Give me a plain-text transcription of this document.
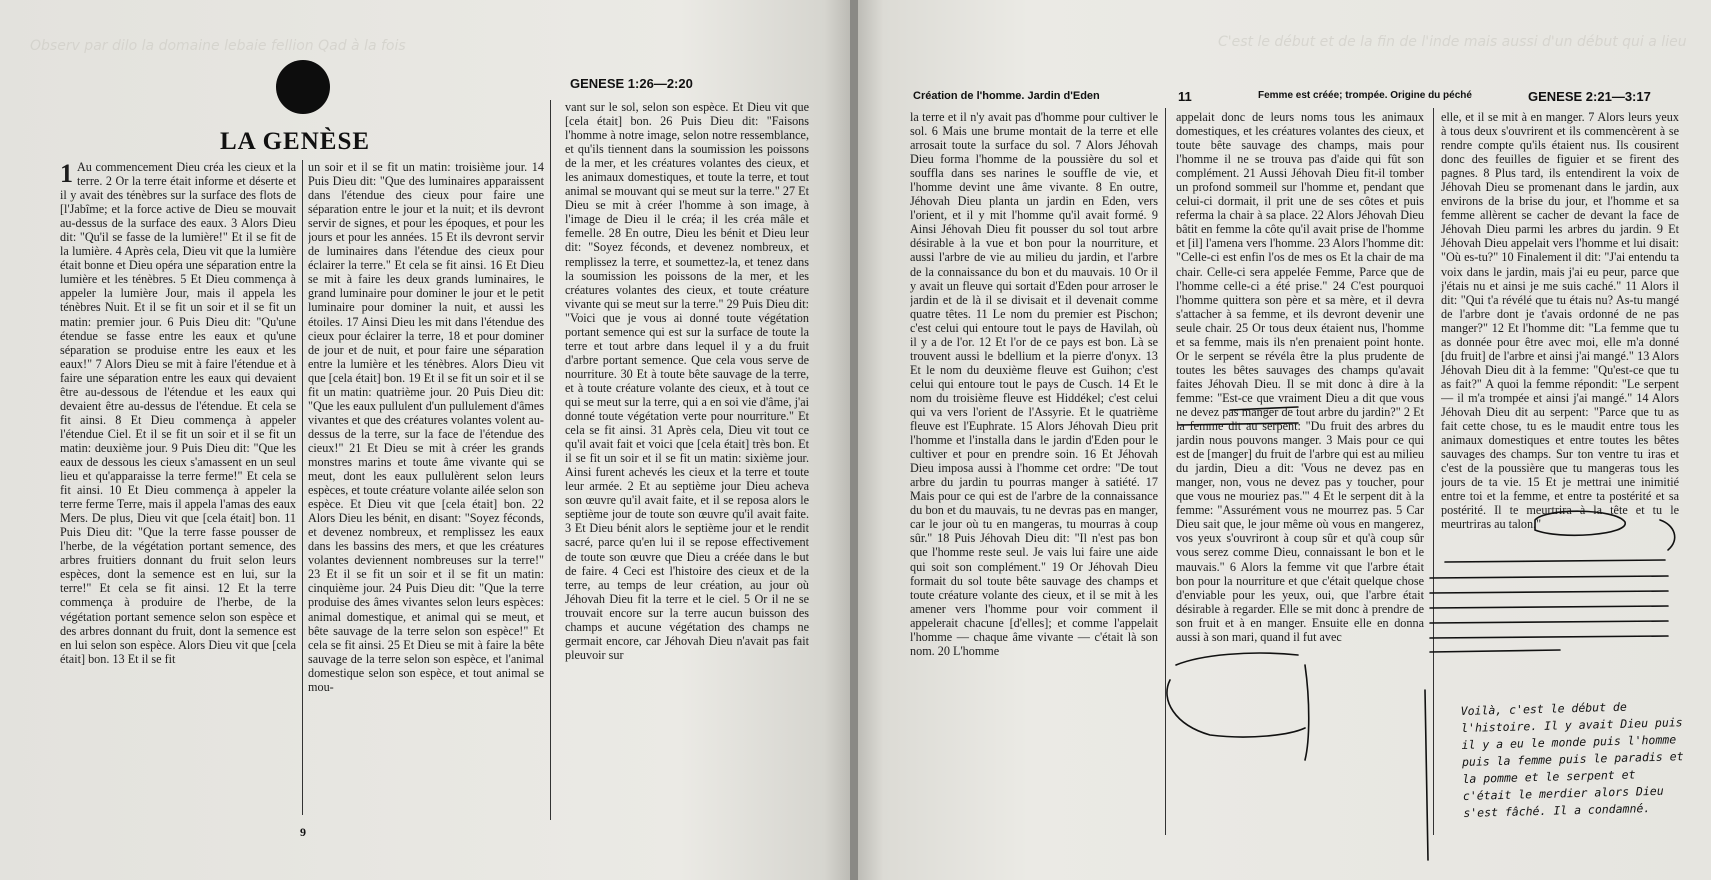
Observ par dilo la domaine lebaie fellion Qad à la fois
LA GENÈSE
GENESE 1:26—2:20
1 Au commencement Dieu créa les cieux et la terre. 2 Or la terre était informe et déserte et il y avait des ténèbres sur la surface des flots de [l'Jabîme; et la force active de Dieu se mouvait au-dessus de la surface des eaux. 3 Alors Dieu dit: "Qu'il se fasse de la lumière!" Et il se fit de la lumière. 4 Après cela, Dieu vit que la lumière était bonne et Dieu opéra une séparation entre la lumière et les ténèbres. 5 Et Dieu commença à appeler la lumière Jour, mais il appela les ténèbres Nuit. Et il se fit un soir et il se fit un matin: premier jour. 6 Puis Dieu dit: "Qu'une étendue se fasse entre les eaux et qu'une séparation se produise entre les eaux et les eaux!" 7 Alors Dieu se mit à faire l'étendue et à faire une séparation entre les eaux qui devaient être au-dessous de l'étendue et les eaux qui devaient être au-dessus de l'étendue. Et cela se fit ainsi. 8 Et Dieu commença à appeler l'étendue Ciel. Et il se fit un soir et il se fit un matin: deuxième jour. 9 Puis Dieu dit: "Que les eaux de dessous les cieux s'amassent en un seul lieu et qu'apparaisse la terre ferme!" Et cela se fit ainsi. 10 Et Dieu commença à appeler la terre ferme Terre, mais il appela l'amas des eaux Mers. De plus, Dieu vit que [cela était] bon. 11 Puis Dieu dit: "Que la terre fasse pousser de l'herbe, de la végétation portant semence, des arbres fruitiers donnant du fruit selon leurs espèces, dont la semence est en lui, sur la terre!" Et cela se fit ainsi. 12 Et la terre commença à produire de l'herbe, de la végétation portant semence selon son espèce et des arbres donnant du fruit, dont la semence est en lui selon son espèce. Alors Dieu vit que [cela était] bon. 13 Et il se fit

un soir et il se fit un matin: troisième jour. 14 Puis Dieu dit: "Que des luminaires apparaissent dans l'étendue des cieux pour faire une séparation entre le jour et la nuit; et ils devront servir de signes, et pour les époques, et pour les jours et pour les années. 15 Et ils devront servir de luminaires dans l'étendue des cieux pour éclairer la terre." Et cela se fit ainsi. 16 Et Dieu se mit à faire les deux grands luminaires, le grand luminaire pour dominer le jour et le petit luminaire pour dominer la nuit, et aussi les étoiles. 17 Ainsi Dieu les mit dans l'étendue des cieux pour éclairer la terre, 18 et pour dominer de jour et de nuit, et pour faire une séparation entre la lumière et les ténèbres. Alors Dieu vit que [cela était] bon. 19 Et il se fit un soir et il se fit un matin: quatrième jour. 20 Puis Dieu dit: "Que les eaux pullulent d'un pullulement d'âmes vivantes et que des créatures volantes volent au-dessus de la terre, sur la face de l'étendue des cieux!" 21 Et Dieu se mit à créer les grands monstres marins et toute âme vivante qui se meut, dont les eaux pullulèrent selon leurs espèces, et toute créature volante ailée selon son espèce. Et Dieu vit que [cela était] bon. 22 Alors Dieu les bénit, en disant: "Soyez féconds, et devenez nombreux, et remplissez les eaux dans les bassins des mers, et que les créatures volantes deviennent nombreuses sur la terre!" 23 Et il se fit un soir et il se fit un matin: cinquième jour. 24 Puis Dieu dit: "Que la terre produise des âmes vivantes selon leurs espèces: animal domestique, et animal qui se meut, et bête sauvage de la terre selon son espèce!" Et cela se fit ainsi. 25 Et Dieu se mit à faire la bête sauvage de la terre selon son espèce, et l'animal domestique selon son espèce, et tout animal se mou-

vant sur le sol, selon son espèce. Et Dieu vit que [cela était] bon. 26 Puis Dieu dit: "Faisons l'homme à notre image, selon notre ressemblance, et qu'ils tiennent dans la soumission les poissons de la mer, et les créatures volantes des cieux, et les animaux domestiques, et toute la terre, et tout animal se mouvant qui se meut sur la terre." 27 Et Dieu se mit à créer l'homme à son image, à l'image de Dieu il le créa; il les créa mâle et femelle. 28 En outre, Dieu les bénit et Dieu leur dit: "Soyez féconds, et devenez nombreux, et remplissez la terre, et soumettez-la, et tenez dans la soumission les poissons de la mer, et les créatures volantes des cieux, et toute créature vivante qui se meut sur la terre." 29 Puis Dieu dit: "Voici que je vous ai donné toute végétation portant semence qui est sur la surface de toute la terre et tout arbre dans lequel il y a du fruit d'arbre portant semence. Que cela vous serve de nourriture. 30 Et à toute bête sauvage de la terre, et à toute créature volante des cieux, et à tout ce qui se meut sur la terre, qui a en soi vie d'âme, j'ai donné toute végétation verte pour nourriture." Et cela se fit ainsi. 31 Après cela, Dieu vit tout ce qu'il avait fait et voici que [cela était] très bon. Et il se fit un soir et il se fit un matin: sixième jour. Ainsi furent achevés les cieux et la terre et toute leur armée. 2 Et au septième jour Dieu acheva son œuvre qu'il avait faite, et il se reposa alors le septième jour de toute son œuvre qu'il avait faite. 3 Et Dieu bénit alors le septième jour et le rendit sacré, parce qu'en lui il se repose effectivement de toute son œuvre que Dieu a créée dans le but de faire. 4 Ceci est l'histoire des cieux et de la terre, au temps de leur création, au jour où Jéhovah Dieu fit la terre et le ciel. 5 Or il ne se trouvait encore sur la terre aucun buisson des champs et aucune végétation des champs ne germait encore, car Jéhovah Dieu n'avait pas fait pleuvoir sur

9
C'est le début et de la fin de l'inde mais aussi d'un début qui a lieu
Création de l'homme. Jardin d'Eden	11	Femme est créée; trompée. Origine du péché	GENESE 2:21—3:17

la terre et il n'y avait pas d'homme pour cultiver le sol. 6 Mais une brume montait de la terre et elle arrosait toute la surface du sol. 7 Alors Jéhovah Dieu forma l'homme de la poussière du sol et souffla dans ses narines le souffle de vie, et l'homme devint une âme vivante. 8 En outre, Jéhovah Dieu planta un jardin en Eden, vers l'orient, et il y mit l'homme qu'il avait formé. 9 Ainsi Jéhovah Dieu fit pousser du sol tout arbre désirable à la vue et bon pour la nourriture, et aussi l'arbre de vie au milieu du jardin, et l'arbre de la connaissance du bon et du mauvais. 10 Or il y avait un fleuve qui sortait d'Eden pour arroser le jardin et de là il se divisait et il devenait comme quatre têtes. 11 Le nom du premier est Pischon; c'est celui qui entoure tout le pays de Havilah, où il y a de l'or. 12 Et l'or de ce pays est bon. Là se trouvent aussi le bdellium et la pierre d'onyx. 13 Et le nom du deuxième fleuve est Guihon; c'est celui qui entoure tout le pays de Cusch. 14 Et le nom du troisième fleuve est Hiddékel; c'est celui qui va vers l'orient de l'Assyrie. Et le quatrième fleuve est l'Euphrate. 15 Alors Jéhovah Dieu prit l'homme et l'installa dans le jardin d'Eden pour le cultiver et pour en prendre soin. 16 Et Jéhovah Dieu imposa aussi à l'homme cet ordre: "De tout arbre du jardin tu pourras manger à satiété. 17 Mais pour ce qui est de l'arbre de la connaissance du bon et du mauvais, tu ne devras pas en manger, car le jour où tu en mangeras, tu mourras à coup sûr." 18 Puis Jéhovah Dieu dit: "Il n'est pas bon que l'homme reste seul. Je vais lui faire une aide qui soit son complément." 19 Or Jéhovah Dieu formait du sol toute bête sauvage des champs et toute créature volante des cieux, et il se mit à les amener vers l'homme pour voir comment il appelerait chacune [d'elles]; et comme l'appelait l'homme — chaque âme vivante — c'était là son nom. 20 L'homme

appelait donc de leurs noms tous les animaux domestiques, et les créatures volantes des cieux, et toute bête sauvage des champs, mais pour l'homme il ne se trouva pas d'aide qui fût son complément. 21 Aussi Jéhovah Dieu fit-il tomber un profond sommeil sur l'homme et, pendant que celui-ci dormait, il prit une de ses côtes et puis referma la chair à sa place. 22 Alors Jéhovah Dieu bâtit en femme la côte qu'il avait prise de l'homme et [il] l'amena vers l'homme. 23 Alors l'homme dit: "Celle-ci est enfin l'os de mes os Et la chair de ma chair. Celle-ci sera appelée Femme, Parce que de l'homme celle-ci a été prise." 24 C'est pourquoi l'homme quittera son père et sa mère, et il devra s'attacher à sa femme, et ils devront devenir une seule chair. 25 Or tous deux étaient nus, l'homme et sa femme, mais ils n'en prenaient point honte. Or le serpent se révéla être la plus prudente de toutes les bêtes sauvages des champs qu'avait faites Jéhovah Dieu. Il se mit donc à dire à la femme: "Est-ce que vraiment Dieu a dit que vous ne devez pas manger de tout arbre du jardin?" 2 Et la femme dit au serpent: "Du fruit des arbres du jardin nous pouvons manger. 3 Mais pour ce qui est de [manger] du fruit de l'arbre qui est au milieu du jardin, Dieu a dit: 'Vous ne devez pas en manger, non, vous ne devez pas y toucher, pour que vous ne mouriez pas.'" 4 Et le serpent dit à la femme: "Assurément vous ne mourrez pas. 5 Car Dieu sait que, le jour même où vous en mangerez, vos yeux s'ouvriront à coup sûr et qu'à coup sûr vous serez comme Dieu, connaissant le bon et le mauvais." 6 Alors la femme vit que l'arbre était bon pour la nourriture et que c'était quelque chose d'enviable pour les yeux, oui, que l'arbre était désirable à regarder. Elle se mit donc à prendre de son fruit et à en manger. Ensuite elle en donna aussi à son mari, quand il fut avec

elle, et il se mit à en manger. 7 Alors leurs yeux à tous deux s'ouvrirent et ils commencèrent à se rendre compte qu'ils étaient nus. Ils cousirent donc des feuilles de figuier et se firent des pagnes. 8 Plus tard, ils entendirent la voix de Jéhovah Dieu se promenant dans le jardin, aux environs de la brise du jour, et l'homme et sa femme allèrent se cacher de devant la face de Jéhovah Dieu parmi les arbres du jardin. 9 Et Jéhovah Dieu appelait vers l'homme et lui disait: "Où es-tu?" 10 Finalement il dit: "J'ai entendu ta voix dans le jardin, mais j'ai eu peur, parce que j'étais nu et ainsi je me suis caché." 11 Alors il dit: "Qui t'a révélé que tu étais nu? As-tu mangé de l'arbre dont je t'avais ordonné de ne pas manger?" 12 Et l'homme dit: "La femme que tu as donnée pour être avec moi, elle m'a donné [du fruit] de l'arbre et ainsi j'ai mangé." 13 Alors Jéhovah Dieu dit à la femme: "Qu'est-ce que tu as fait?" A quoi la femme répondit: "Le serpent — il m'a trompée et ainsi j'ai mangé." 14 Alors Jéhovah Dieu dit au serpent: "Parce que tu as fait cette chose, tu es le maudit entre tous les animaux domestiques et entre toutes les bêtes sauvages des champs. Sur ton ventre tu iras et c'est de la poussière que tu mangeras tous les jours de ta vie. 15 Et je mettrai une inimitié entre toi et la femme, et entre ta postérité et sa postérité. Il te meurtrira à la tête et tu le meurtriras au talon."

Voilà, c'est le début de l'histoire. Il y avait Dieu puis il y a eu le monde puis l'homme puis la femme puis le paradis et la pomme et le serpent et c'était le merdier alors Dieu s'est fâché. Il a condamné.
